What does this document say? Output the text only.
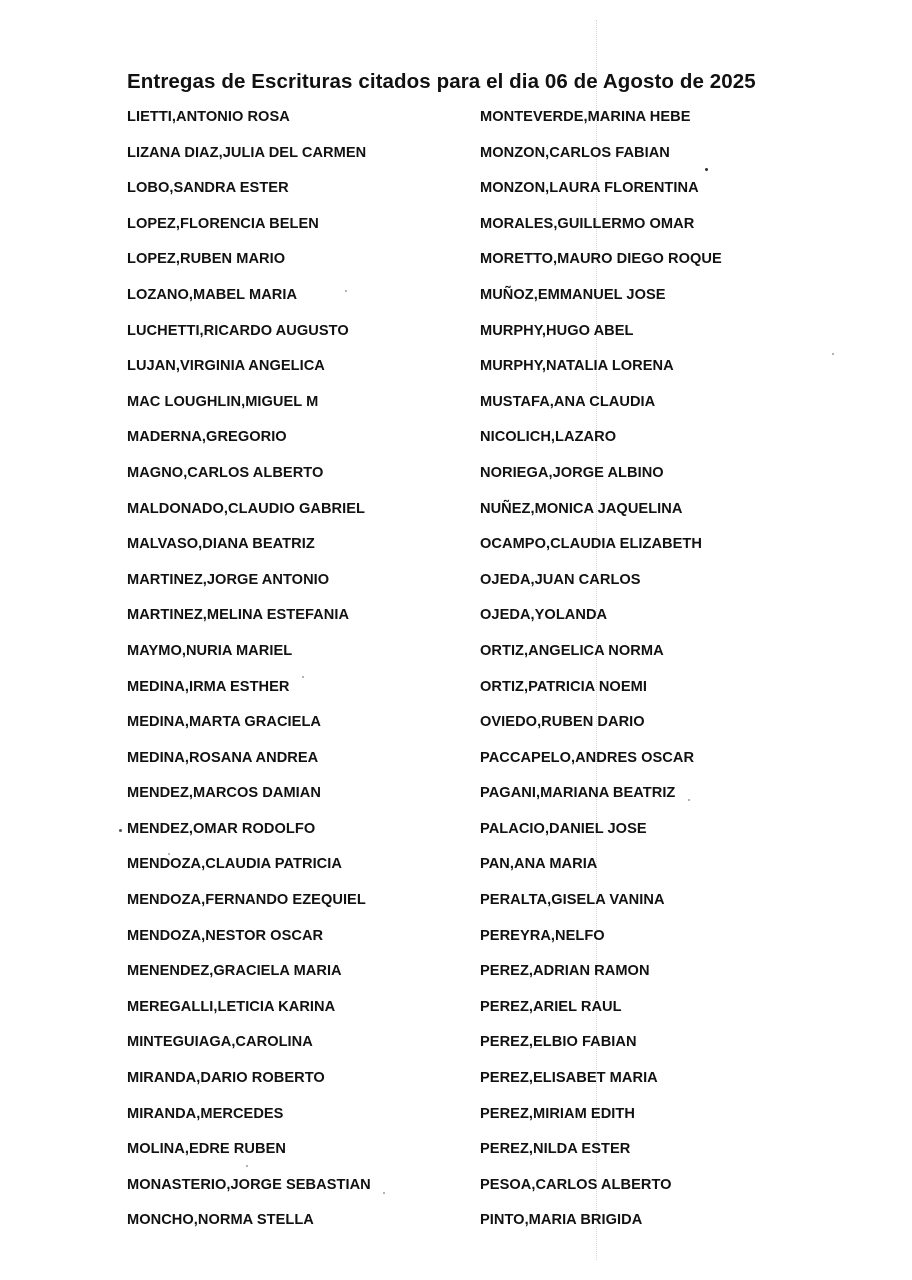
Entregas de Escrituras citados para el dia 06 de Agosto de 2025
LIETTI,ANTONIO ROSA
LIZANA DIAZ,JULIA DEL CARMEN
LOBO,SANDRA ESTER
LOPEZ,FLORENCIA BELEN
LOPEZ,RUBEN MARIO
LOZANO,MABEL MARIA
LUCHETTI,RICARDO AUGUSTO
LUJAN,VIRGINIA ANGELICA
MAC LOUGHLIN,MIGUEL M
MADERNA,GREGORIO
MAGNO,CARLOS ALBERTO
MALDONADO,CLAUDIO GABRIEL
MALVASO,DIANA BEATRIZ
MARTINEZ,JORGE ANTONIO
MARTINEZ,MELINA ESTEFANIA
MAYMO,NURIA MARIEL
MEDINA,IRMA ESTHER
MEDINA,MARTA GRACIELA
MEDINA,ROSANA ANDREA
MENDEZ,MARCOS DAMIAN
MENDEZ,OMAR RODOLFO
MENDOZA,CLAUDIA PATRICIA
MENDOZA,FERNANDO EZEQUIEL
MENDOZA,NESTOR OSCAR
MENENDEZ,GRACIELA MARIA
MEREGALLI,LETICIA KARINA
MINTEGUIAGA,CAROLINA
MIRANDA,DARIO ROBERTO
MIRANDA,MERCEDES
MOLINA,EDRE RUBEN
MONASTERIO,JORGE SEBASTIAN
MONCHO,NORMA STELLA
MONTEVERDE,MARINA HEBE
MONZON,CARLOS FABIAN
MONZON,LAURA FLORENTINA
MORALES,GUILLERMO OMAR
MORETTO,MAURO DIEGO ROQUE
MUÑOZ,EMMANUEL JOSE
MURPHY,HUGO ABEL
MURPHY,NATALIA LORENA
MUSTAFA,ANA CLAUDIA
NICOLICH,LAZARO
NORIEGA,JORGE ALBINO
NUÑEZ,MONICA JAQUELINA
OCAMPO,CLAUDIA ELIZABETH
OJEDA,JUAN CARLOS
OJEDA,YOLANDA
ORTIZ,ANGELICA NORMA
ORTIZ,PATRICIA NOEMI
OVIEDO,RUBEN DARIO
PACCAPELO,ANDRES OSCAR
PAGANI,MARIANA BEATRIZ
PALACIO,DANIEL JOSE
PAN,ANA MARIA
PERALTA,GISELA VANINA
PEREYRA,NELFO
PEREZ,ADRIAN RAMON
PEREZ,ARIEL RAUL
PEREZ,ELBIO FABIAN
PEREZ,ELISABET MARIA
PEREZ,MIRIAM EDITH
PEREZ,NILDA ESTER
PESOA,CARLOS ALBERTO
PINTO,MARIA BRIGIDA
